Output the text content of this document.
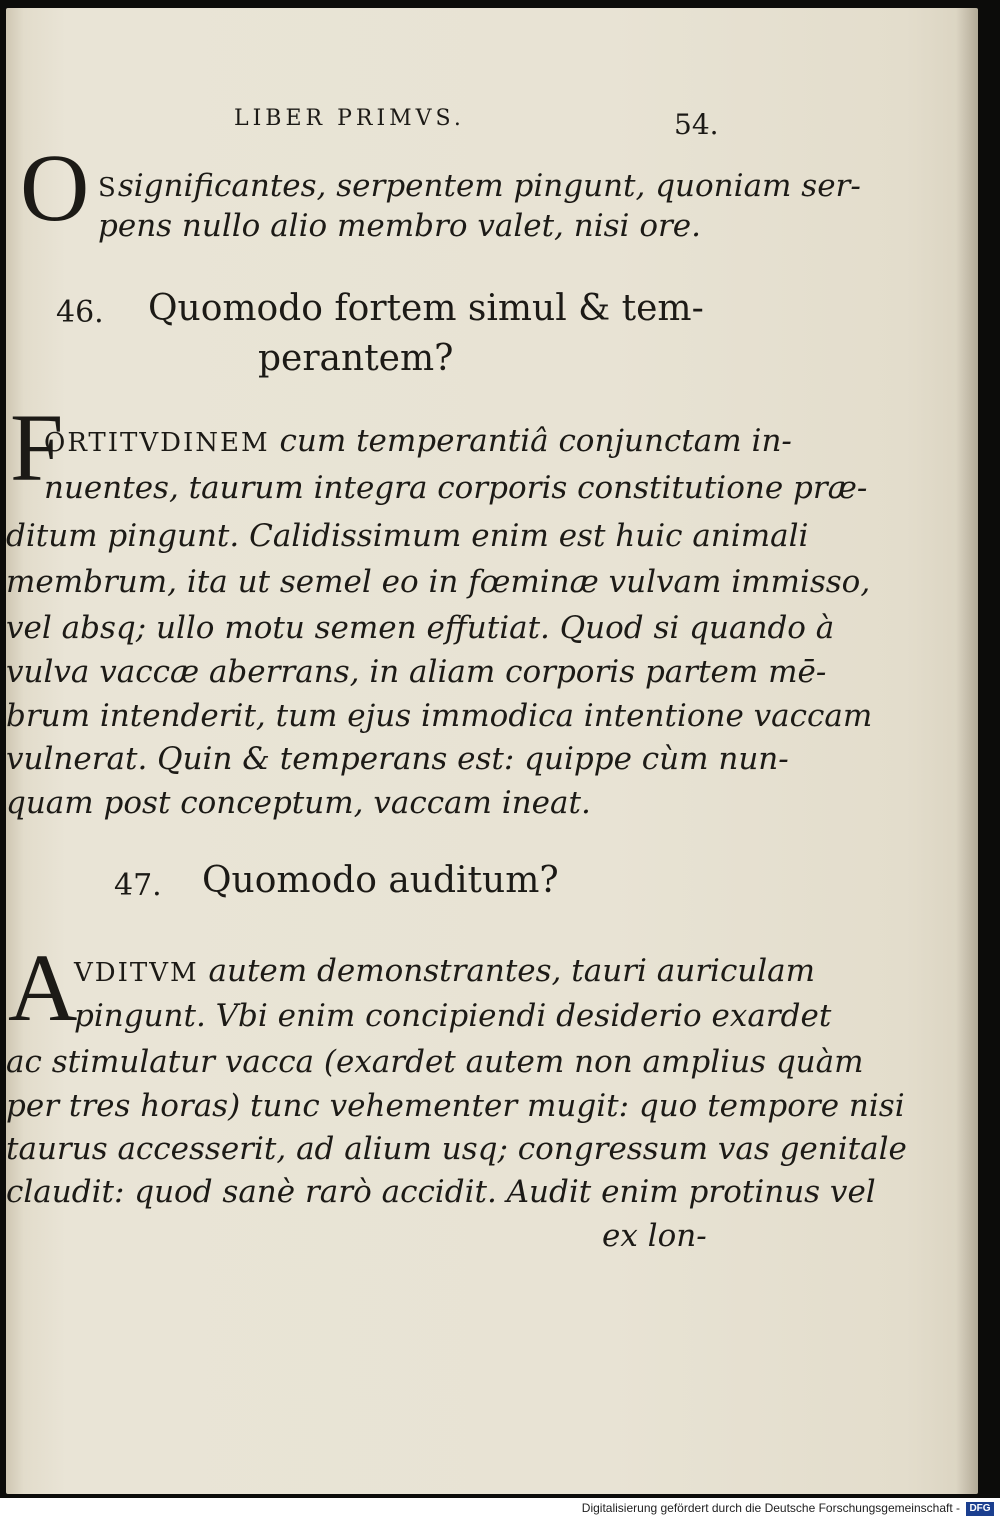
LIBER PRIMVS.	54.
O Ssignificantes, serpentem pingunt, quoniam ser-
pens nullo alio membro valet, nisi ore.
46. Quomodo fortem simul & tem-
perantem?
F
ORTITVDINEM cum temperantiâ conjunctam in-
nuentes, taurum integra corporis constitutione præ-
ditum pingunt. Calidissimum enim est huic animali
membrum, ita ut semel eo in fœminæ vulvam immisso,
vel absq; ullo motu semen effutiat. Quod si quando à
vulva vaccæ aberrans, in aliam corporis partem mē-
brum intenderit, tum ejus immodica intentione vaccam
vulnerat. Quin & temperans est: quippe cùm nun-
quam post conceptum, vaccam ineat.
47. Quomodo auditum?
A
VDITVM autem demonstrantes, tauri auriculam
pingunt. Vbi enim concipiendi desiderio exardet
ac stimulatur vacca (exardet autem non amplius quàm
per tres horas) tunc vehementer mugit: quo tempore nisi
taurus accesserit, ad alium usq; congressum vas genitale
claudit: quod sanè rarò accidit. Audit enim protinus vel
ex lon-
Digitalisierung gefördert durch die Deutsche Forschungsgemeinschaft - DFG
